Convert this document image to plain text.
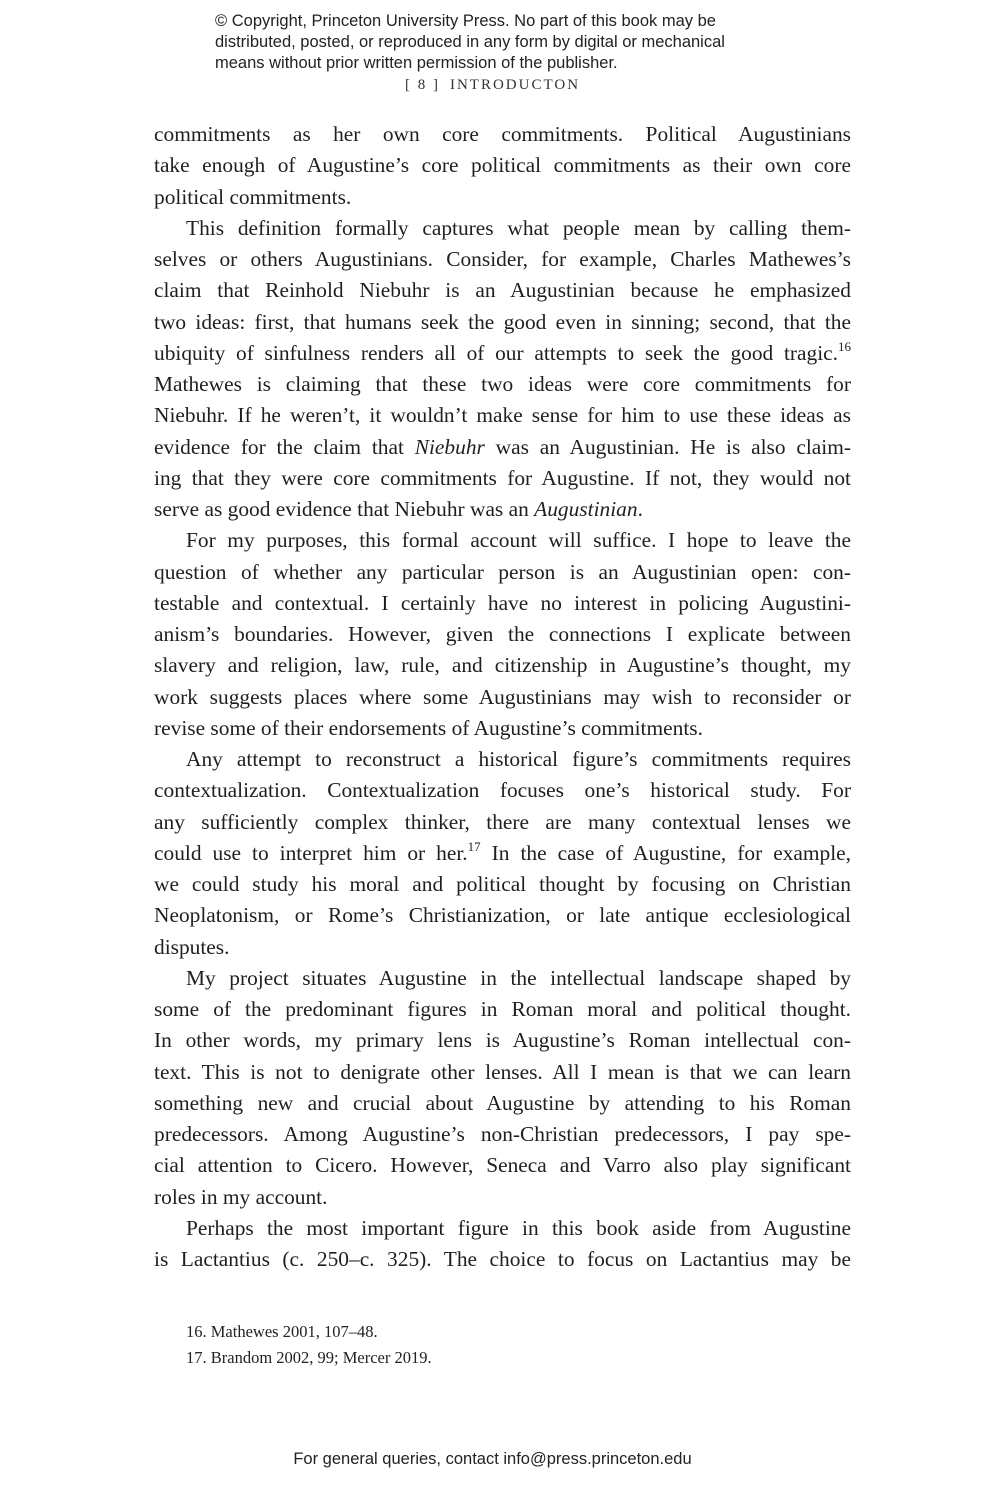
© Copyright, Princeton University Press. No part of this book may be
distributed, posted, or reproduced in any form by digital or mechanical
means without prior written permission of the publisher.
[ 8 ] INTRODUCTON
commitments as her own core commitments. Political Augustinians
take enough of Augustine’s core political commitments as their own core
political commitments.
This definition formally captures what people mean by calling them-
selves or others Augustinians. Consider, for example, Charles Mathewes’s
claim that Reinhold Niebuhr is an Augustinian because he emphasized
two ideas: first, that humans seek the good even in sinning; second, that the
ubiquity of sinfulness renders all of our attempts to seek the good tragic.$^{16}$
Mathewes is claiming that these two ideas were core commitments for
Niebuhr. If he weren’t, it wouldn’t make sense for him to use these ideas as
evidence for the claim that Niebuhr was an Augustinian. He is also claim-
ing that they were core commitments for Augustine. If not, they would not
serve as good evidence that Niebuhr was an Augustinian.
For my purposes, this formal account will suffice. I hope to leave the
question of whether any particular person is an Augustinian open: con-
testable and contextual. I certainly have no interest in policing Augustini-
anism’s boundaries. However, given the connections I explicate between
slavery and religion, law, rule, and citizenship in Augustine’s thought, my
work suggests places where some Augustinians may wish to reconsider or
revise some of their endorsements of Augustine’s commitments.
Any attempt to reconstruct a historical figure’s commitments requires
contextualization. Contextualization focuses one’s historical study. For
any sufficiently complex thinker, there are many contextual lenses we
could use to interpret him or her.$^{17}$ In the case of Augustine, for example,
we could study his moral and political thought by focusing on Christian
Neoplatonism, or Rome’s Christianization, or late antique ecclesiological
disputes.
My project situates Augustine in the intellectual landscape shaped by
some of the predominant figures in Roman moral and political thought.
In other words, my primary lens is Augustine’s Roman intellectual con-
text. This is not to denigrate other lenses. All I mean is that we can learn
something new and crucial about Augustine by attending to his Roman
predecessors. Among Augustine’s non-Christian predecessors, I pay spe-
cial attention to Cicero. However, Seneca and Varro also play significant
roles in my account.
Perhaps the most important figure in this book aside from Augustine
is Lactantius (c. 250–c. 325). The choice to focus on Lactantius may be
16. Mathewes 2001, 107–48.
17. Brandom 2002, 99; Mercer 2019.
For general queries, contact info@press.princeton.edu
